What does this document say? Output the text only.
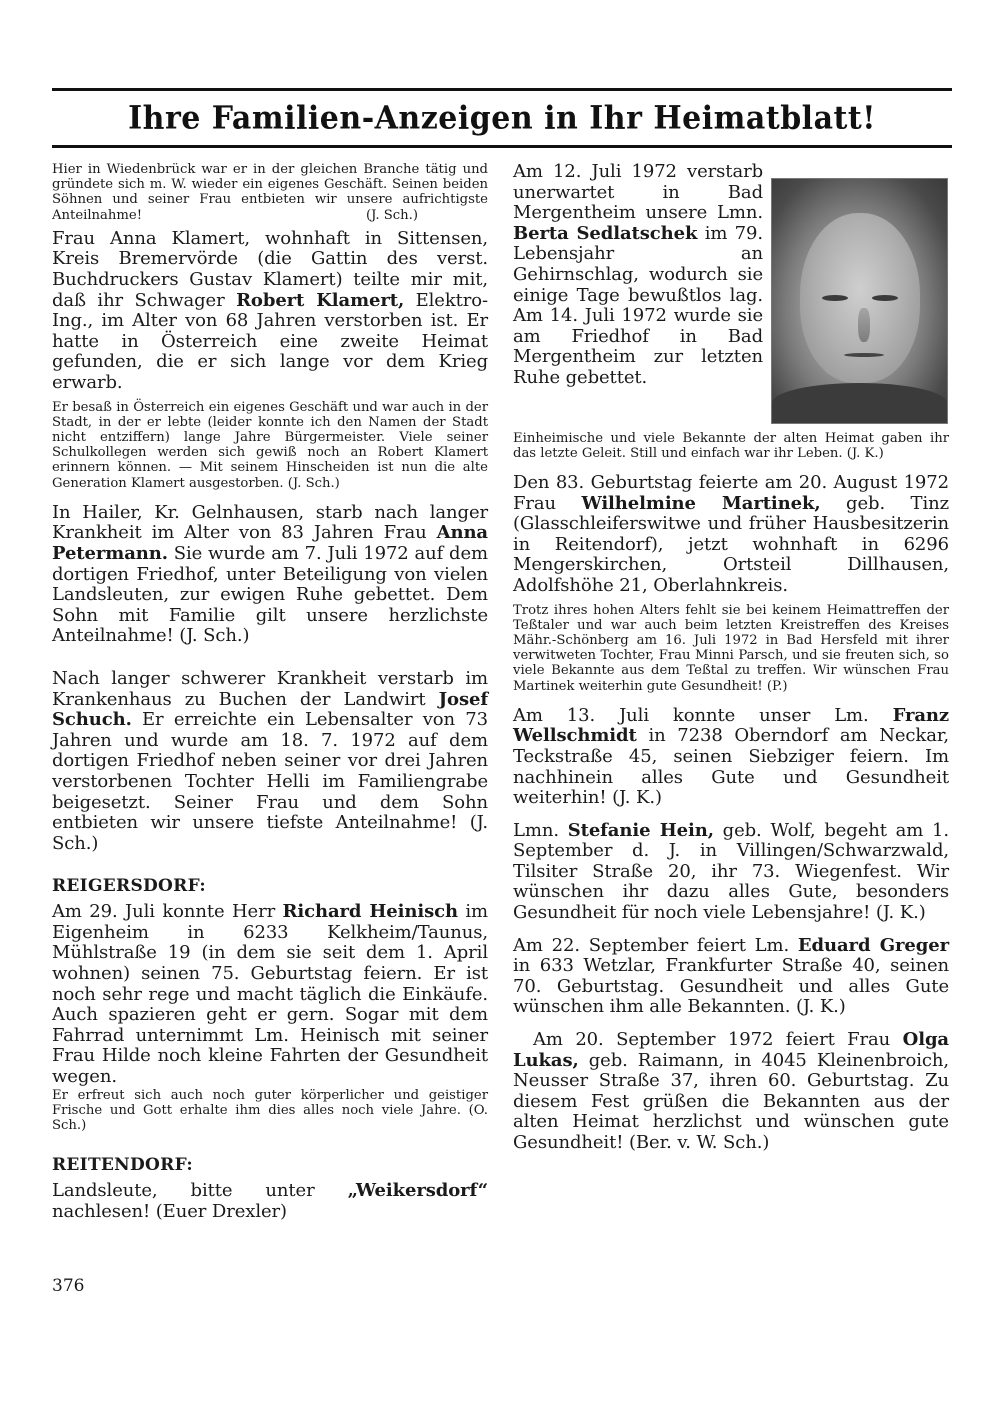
Ihre Familien-Anzeigen in Ihr Heimatblatt!

Hier in Wiedenbrück war er in der gleichen Branche tätig und gründete sich m. W. wieder ein eigenes Geschäft. Seinen beiden Söhnen und seiner Frau entbieten wir unsere aufrichtigste Anteilnahme!	(J. Sch.)

Frau Anna Klamert, wohnhaft in Sittensen, Kreis Bremervörde (die Gattin des verst. Buchdruckers Gustav Klamert) teilte mir mit, daß ihr Schwager Robert Klamert, Elektro-Ing., im Alter von 68 Jahren verstorben ist. Er hatte in Österreich eine zweite Heimat gefunden, die er sich lange vor dem Krieg erwarb.

Er besaß in Österreich ein eigenes Geschäft und war auch in der Stadt, in der er lebte (leider konnte ich den Namen der Stadt nicht entziffern) lange Jahre Bürgermeister. Viele seiner Schulkollegen werden sich gewiß noch an Robert Klamert erinnern können. — Mit seinem Hinscheiden ist nun die alte Generation Klamert ausgestorben. (J. Sch.)

In Hailer, Kr. Gelnhausen, starb nach langer Krankheit im Alter von 83 Jahren Frau Anna Petermann. Sie wurde am 7. Juli 1972 auf dem dortigen Friedhof, unter Beteiligung von vielen Landsleuten, zur ewigen Ruhe gebettet. Dem Sohn mit Familie gilt unsere herzlichste Anteilnahme! (J. Sch.)

Nach langer schwerer Krankheit verstarb im Krankenhaus zu Buchen der Landwirt Josef Schuch. Er erreichte ein Lebensalter von 73 Jahren und wurde am 18. 7. 1972 auf dem dortigen Friedhof neben seiner vor drei Jahren verstorbenen Tochter Helli im Familiengrabe beigesetzt. Seiner Frau und dem Sohn entbieten wir unsere tiefste Anteilnahme! (J. Sch.)

REIGERSDORF:

Am 29. Juli konnte Herr Richard Heinisch im Eigenheim in 6233 Kelkheim/Taunus, Mühlstraße 19 (in dem sie seit dem 1. April wohnen) seinen 75. Geburtstag feiern. Er ist noch sehr rege und macht täglich die Einkäufe. Auch spazieren geht er gern. Sogar mit dem Fahrrad unternimmt Lm. Heinisch mit seiner Frau Hilde noch kleine Fahrten der Gesundheit wegen.

Er erfreut sich auch noch guter körperlicher und geistiger Frische und Gott erhalte ihm dies alles noch viele Jahre. (O. Sch.)

REITENDORF:

Landsleute, bitte unter „Weikersdorf“ nachlesen! (Euer Drexler)

Am 12. Juli 1972 verstarb unerwartet in Bad Mergentheim unsere Lmn. Berta Sedlatschek im 79. Lebensjahr an Gehirnschlag, wodurch sie einige Tage bewußtlos lag. Am 14. Juli 1972 wurde sie am Friedhof in Bad Mergentheim zur letzten Ruhe gebettet.

Einheimische und viele Bekannte der alten Heimat gaben ihr das letzte Geleit. Still und einfach war ihr Leben. (J. K.)

Den 83. Geburtstag feierte am 20. August 1972 Frau Wilhelmine Martinek, geb. Tinz (Glasschleiferswitwe und früher Hausbesitzerin in Reitendorf), jetzt wohnhaft in 6296 Mengerskirchen, Ortsteil Dillhausen, Adolfshöhe 21, Oberlahnkreis.

Trotz ihres hohen Alters fehlt sie bei keinem Heimattreffen der Teßtaler und war auch beim letzten Kreistreffen des Kreises Mähr.-Schönberg am 16. Juli 1972 in Bad Hersfeld mit ihrer verwitweten Tochter, Frau Minni Parsch, und sie freuten sich, so viele Bekannte aus dem Teßtal zu treffen. Wir wünschen Frau Martinek weiterhin gute Gesundheit! (P.)

Am 13. Juli konnte unser Lm. Franz Wellschmidt in 7238 Oberndorf am Neckar, Teckstraße 45, seinen Siebziger feiern. Im nachhinein alles Gute und Gesundheit weiterhin! (J. K.)

Lmn. Stefanie Hein, geb. Wolf, begeht am 1. September d. J. in Villingen/Schwarzwald, Tilsiter Straße 20, ihr 73. Wiegenfest. Wir wünschen ihr dazu alles Gute, besonders Gesundheit für noch viele Lebensjahre! (J. K.)

Am 22. September feiert Lm. Eduard Greger in 633 Wetzlar, Frankfurter Straße 40, seinen 70. Geburtstag. Gesundheit und alles Gute wünschen ihm alle Bekannten. (J. K.)

Am 20. September 1972 feiert Frau Olga Lukas, geb. Raimann, in 4045 Kleinenbroich, Neusser Straße 37, ihren 60. Geburtstag. Zu diesem Fest grüßen die Bekannten aus der alten Heimat herzlichst und wünschen gute Gesundheit! (Ber. v. W. Sch.)

376
